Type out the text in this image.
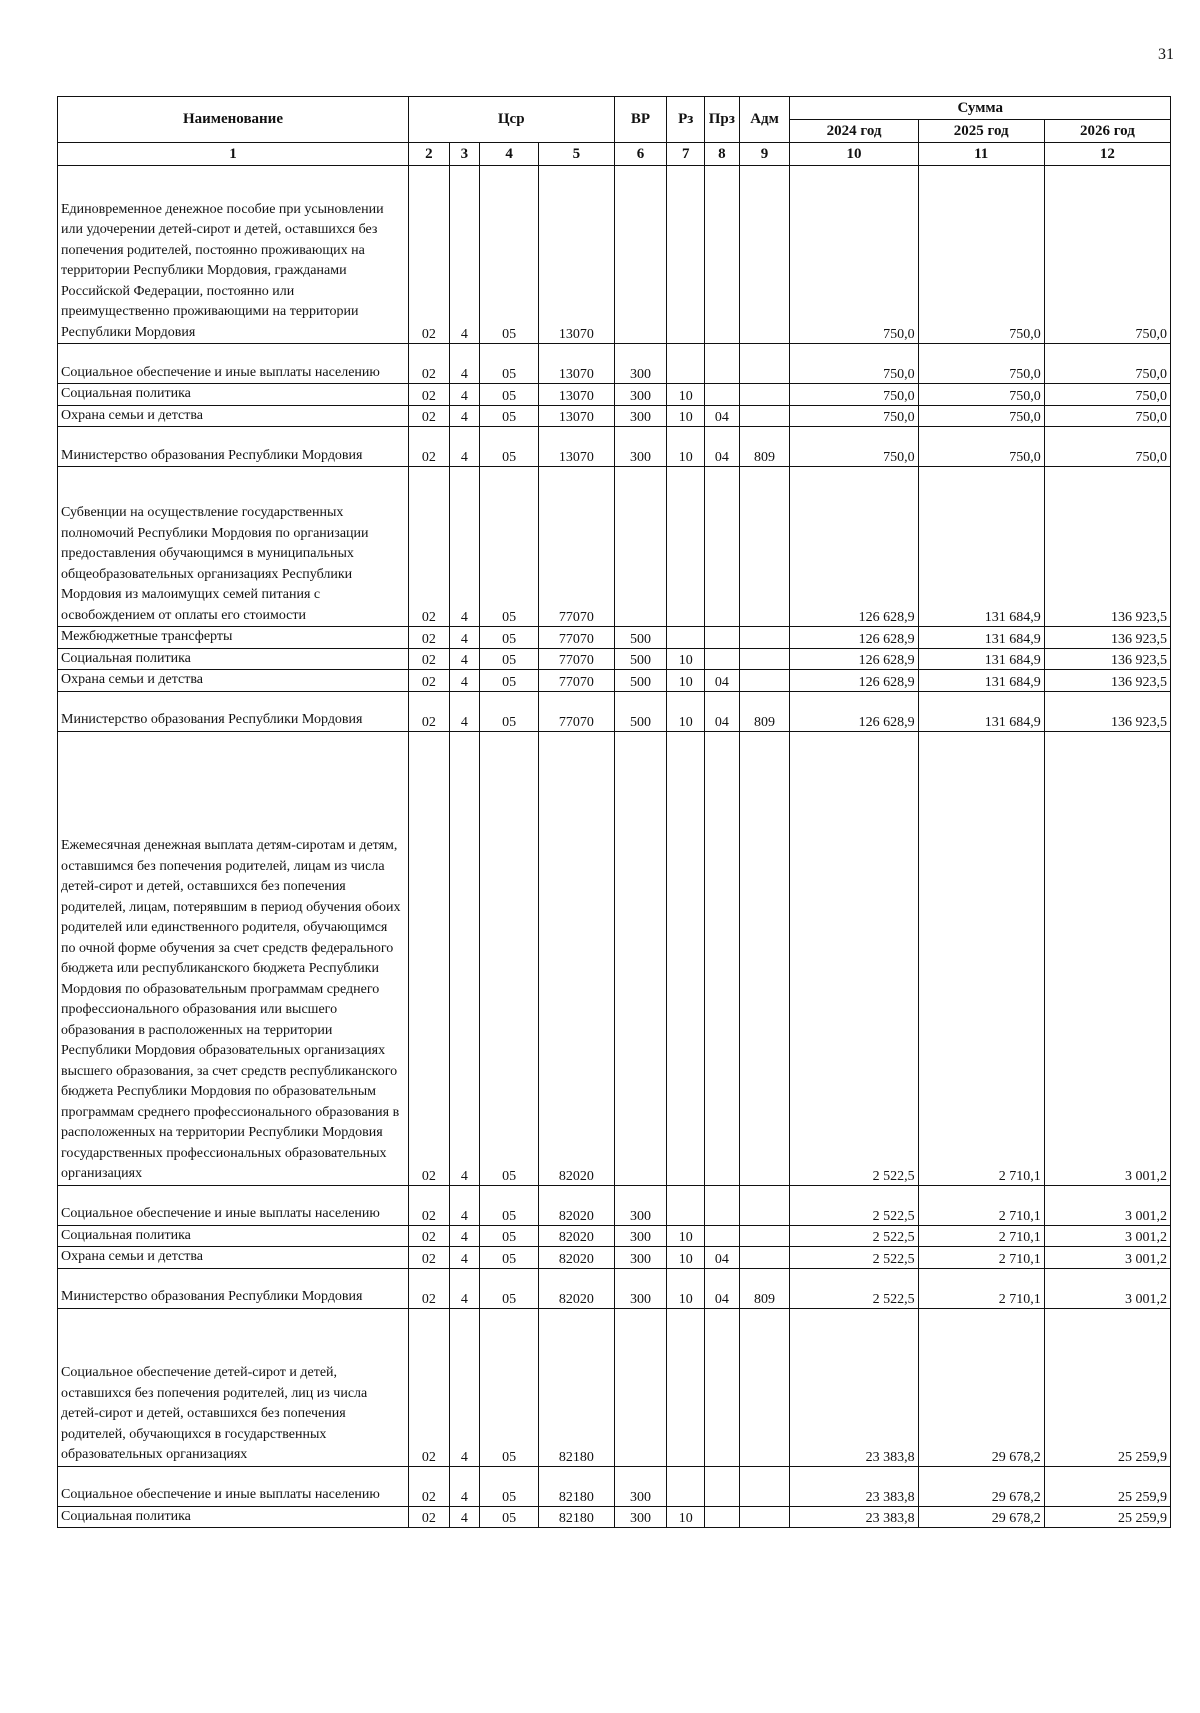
31
Наименование	Цср				ВР	Рз	Прз	Адм	Сумма		
									2024 год	2025 год	2026 год
1	2	3	4	5	6	7	8	9	10	11	12
Единовременное денежное пособие при усыновлении или удочерении детей-сирот и детей, оставшихся без попечения родителей, постоянно проживающих на территории Республики Мордовия, гражданами Российской Федерации, постоянно или преимущественно проживающими на территории Республики Мордовия	02	4	05	13070					750,0	750,0	750,0
Социальное обеспечение и иные выплаты населению	02	4	05	13070	300				750,0	750,0	750,0
Социальная политика	02	4	05	13070	300	10			750,0	750,0	750,0
Охрана семьи и детства	02	4	05	13070	300	10	04		750,0	750,0	750,0
Министерство образования Республики Мордовия	02	4	05	13070	300	10	04	809	750,0	750,0	750,0
Субвенции на осуществление государственных полномочий Республики Мордовия по организации предоставления обучающимся в муниципальных общеобразовательных организациях Республики Мордовия из малоимущих семей питания с освобождением от оплаты его стоимости	02	4	05	77070					126 628,9	131 684,9	136 923,5
Межбюджетные трансферты	02	4	05	77070	500				126 628,9	131 684,9	136 923,5
Социальная политика	02	4	05	77070	500	10			126 628,9	131 684,9	136 923,5
Охрана семьи и детства	02	4	05	77070	500	10	04		126 628,9	131 684,9	136 923,5
Министерство образования Республики Мордовия	02	4	05	77070	500	10	04	809	126 628,9	131 684,9	136 923,5
Ежемесячная денежная выплата детям-сиротам и детям, оставшимся без попечения родителей, лицам из числа детей-сирот и детей, оставшихся без попечения родителей, лицам, потерявшим в период обучения обоих родителей или единственного родителя, обучающимся по очной форме обучения за счет средств федерального бюджета или республиканского бюджета Республики Мордовия по образовательным программам среднего профессионального образования или высшего образования в расположенных на территории Республики Мордовия образовательных организациях высшего образования, за счет средств республиканского бюджета Республики Мордовия по образовательным программам среднего профессионального образования в расположенных на территории Республики Мордовия государственных профессиональных образовательных организациях	02	4	05	82020					2 522,5	2 710,1	3 001,2
Социальное обеспечение и иные выплаты населению	02	4	05	82020	300				2 522,5	2 710,1	3 001,2
Социальная политика	02	4	05	82020	300	10			2 522,5	2 710,1	3 001,2
Охрана семьи и детства	02	4	05	82020	300	10	04		2 522,5	2 710,1	3 001,2
Министерство образования Республики Мордовия	02	4	05	82020	300	10	04	809	2 522,5	2 710,1	3 001,2
Социальное обеспечение детей-сирот и детей, оставшихся без попечения родителей, лиц из числа детей-сирот и детей, оставшихся без попечения родителей, обучающихся в государственных образовательных организациях	02	4	05	82180					23 383,8	29 678,2	25 259,9
Социальное обеспечение и иные выплаты населению	02	4	05	82180	300				23 383,8	29 678,2	25 259,9
Социальная политика	02	4	05	82180	300	10			23 383,8	29 678,2	25 259,9
